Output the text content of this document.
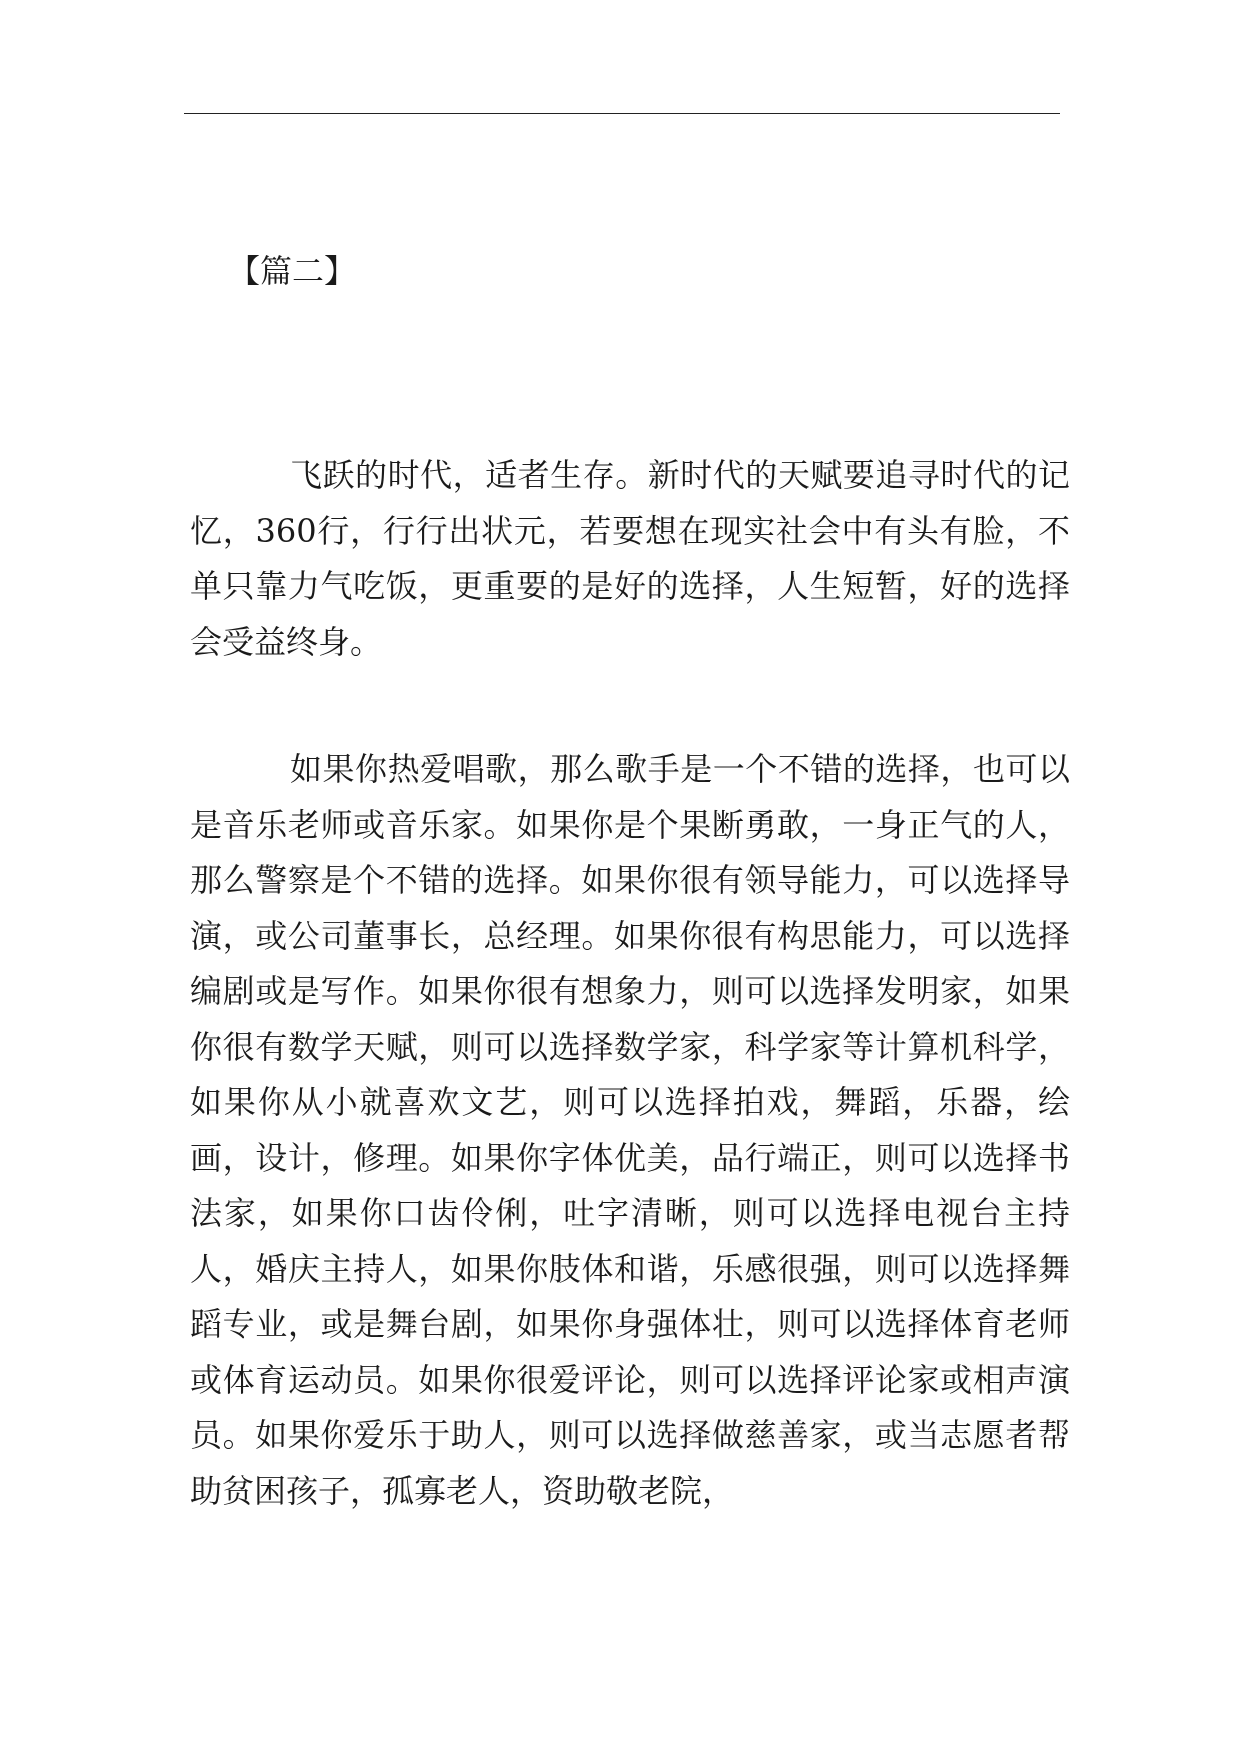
【篇二】

飞跃的时代，适者生存。新时代的天赋要追寻时代的记忆，360行，行行出状元，若要想在现实社会中有头有脸，不单只靠力气吃饭，更重要的是好的选择，人生短暂，好的选择会受益终身。

如果你热爱唱歌，那么歌手是一个不错的选择，也可以是音乐老师或音乐家。如果你是个果断勇敢，一身正气的人，那么警察是个不错的选择。如果你很有领导能力，可以选择导演，或公司董事长，总经理。如果你很有构思能力，可以选择编剧或是写作。如果你很有想象力，则可以选择发明家，如果你很有数学天赋，则可以选择数学家，科学家等计算机科学，如果你从小就喜欢文艺，则可以选择拍戏，舞蹈，乐器，绘画，设计，修理。如果你字体优美，品行端正，则可以选择书法家，如果你口齿伶俐，吐字清晰，则可以选择电视台主持人，婚庆主持人，如果你肢体和谐，乐感很强，则可以选择舞蹈专业，或是舞台剧，如果你身强体壮，则可以选择体育老师或体育运动员。如果你很爱评论，则可以选择评论家或相声演员。如果你爱乐于助人，则可以选择做慈善家，或当志愿者帮助贫困孩子，孤寡老人，资助敬老院，
